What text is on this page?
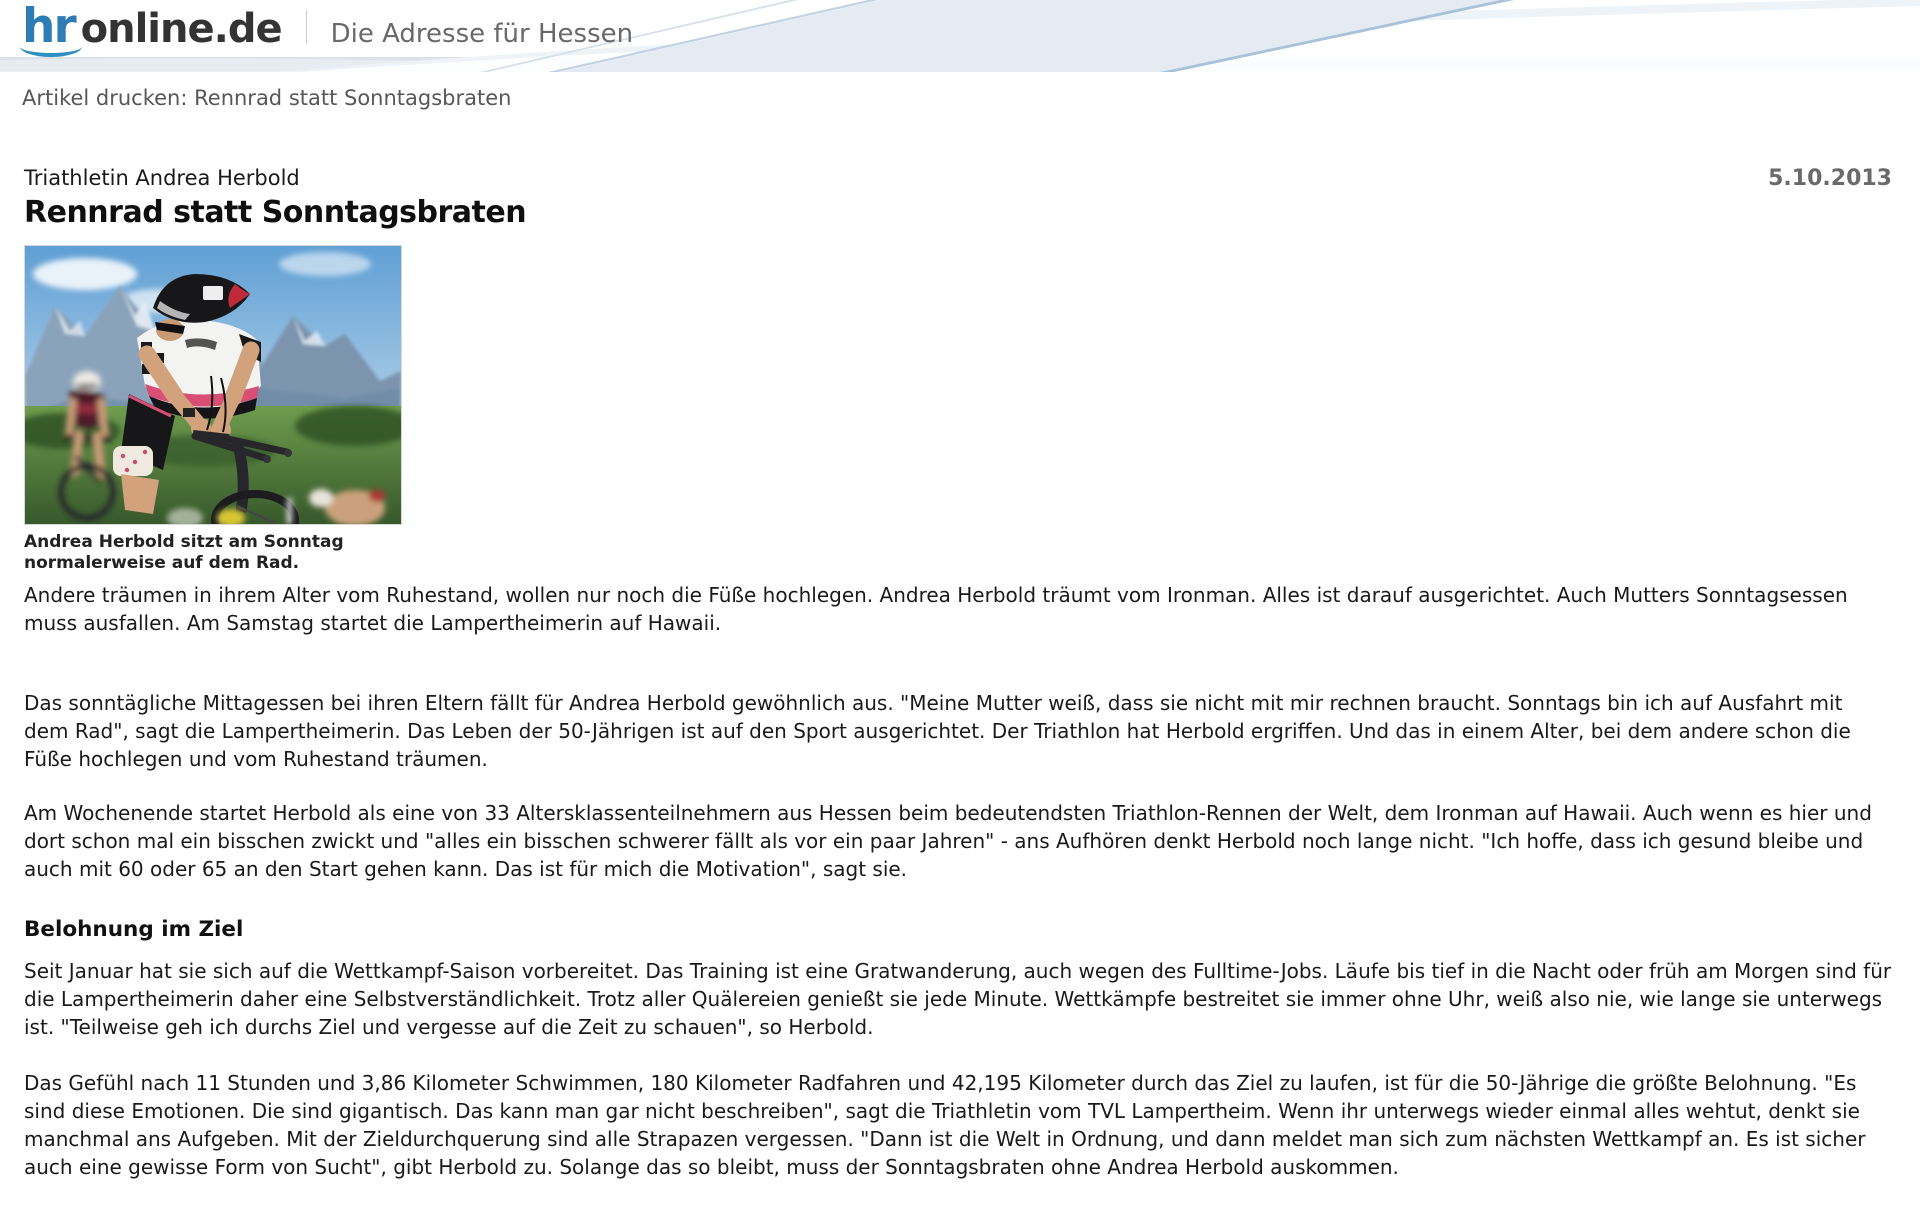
hr online.de Die Adresse für Hessen
Artikel drucken: Rennrad statt Sonntagsbraten
Triathletin Andrea Herbold	5.10.2013
Rennrad statt Sonntagsbraten
Andrea Herbold sitzt am Sonntag normalerweise auf dem Rad.

Andere träumen in ihrem Alter vom Ruhestand, wollen nur noch die Füße hochlegen. Andrea Herbold träumt vom Ironman. Alles ist darauf ausgerichtet. Auch Mutters Sonntagsessen muss ausfallen. Am Samstag startet die Lampertheimerin auf Hawaii.

Das sonntägliche Mittagessen bei ihren Eltern fällt für Andrea Herbold gewöhnlich aus. "Meine Mutter weiß, dass sie nicht mit mir rechnen braucht. Sonntags bin ich auf Ausfahrt mit dem Rad", sagt die Lampertheimerin. Das Leben der 50-Jährigen ist auf den Sport ausgerichtet. Der Triathlon hat Herbold ergriffen. Und das in einem Alter, bei dem andere schon die Füße hochlegen und vom Ruhestand träumen.

Am Wochenende startet Herbold als eine von 33 Altersklassenteilnehmern aus Hessen beim bedeutendsten Triathlon-Rennen der Welt, dem Ironman auf Hawaii. Auch wenn es hier und dort schon mal ein bisschen zwickt und "alles ein bisschen schwerer fällt als vor ein paar Jahren" - ans Aufhören denkt Herbold noch lange nicht. "Ich hoffe, dass ich gesund bleibe und auch mit 60 oder 65 an den Start gehen kann. Das ist für mich die Motivation", sagt sie.

Belohnung im Ziel

Seit Januar hat sie sich auf die Wettkampf-Saison vorbereitet. Das Training ist eine Gratwanderung, auch wegen des Fulltime-Jobs. Läufe bis tief in die Nacht oder früh am Morgen sind für die Lampertheimerin daher eine Selbstverständlichkeit. Trotz aller Quälereien genießt sie jede Minute. Wettkämpfe bestreitet sie immer ohne Uhr, weiß also nie, wie lange sie unterwegs ist. "Teilweise geh ich durchs Ziel und vergesse auf die Zeit zu schauen", so Herbold.

Das Gefühl nach 11 Stunden und 3,86 Kilometer Schwimmen, 180 Kilometer Radfahren und 42,195 Kilometer durch das Ziel zu laufen, ist für die 50-Jährige die größte Belohnung. "Es sind diese Emotionen. Die sind gigantisch. Das kann man gar nicht beschreiben", sagt die Triathletin vom TVL Lampertheim. Wenn ihr unterwegs wieder einmal alles wehtut, denkt sie manchmal ans Aufgeben. Mit der Zieldurchquerung sind alle Strapazen vergessen. "Dann ist die Welt in Ordnung, und dann meldet man sich zum nächsten Wettkampf an. Es ist sicher auch eine gewisse Form von Sucht", gibt Herbold zu. Solange das so bleibt, muss der Sonntagsbraten ohne Andrea Herbold auskommen.
